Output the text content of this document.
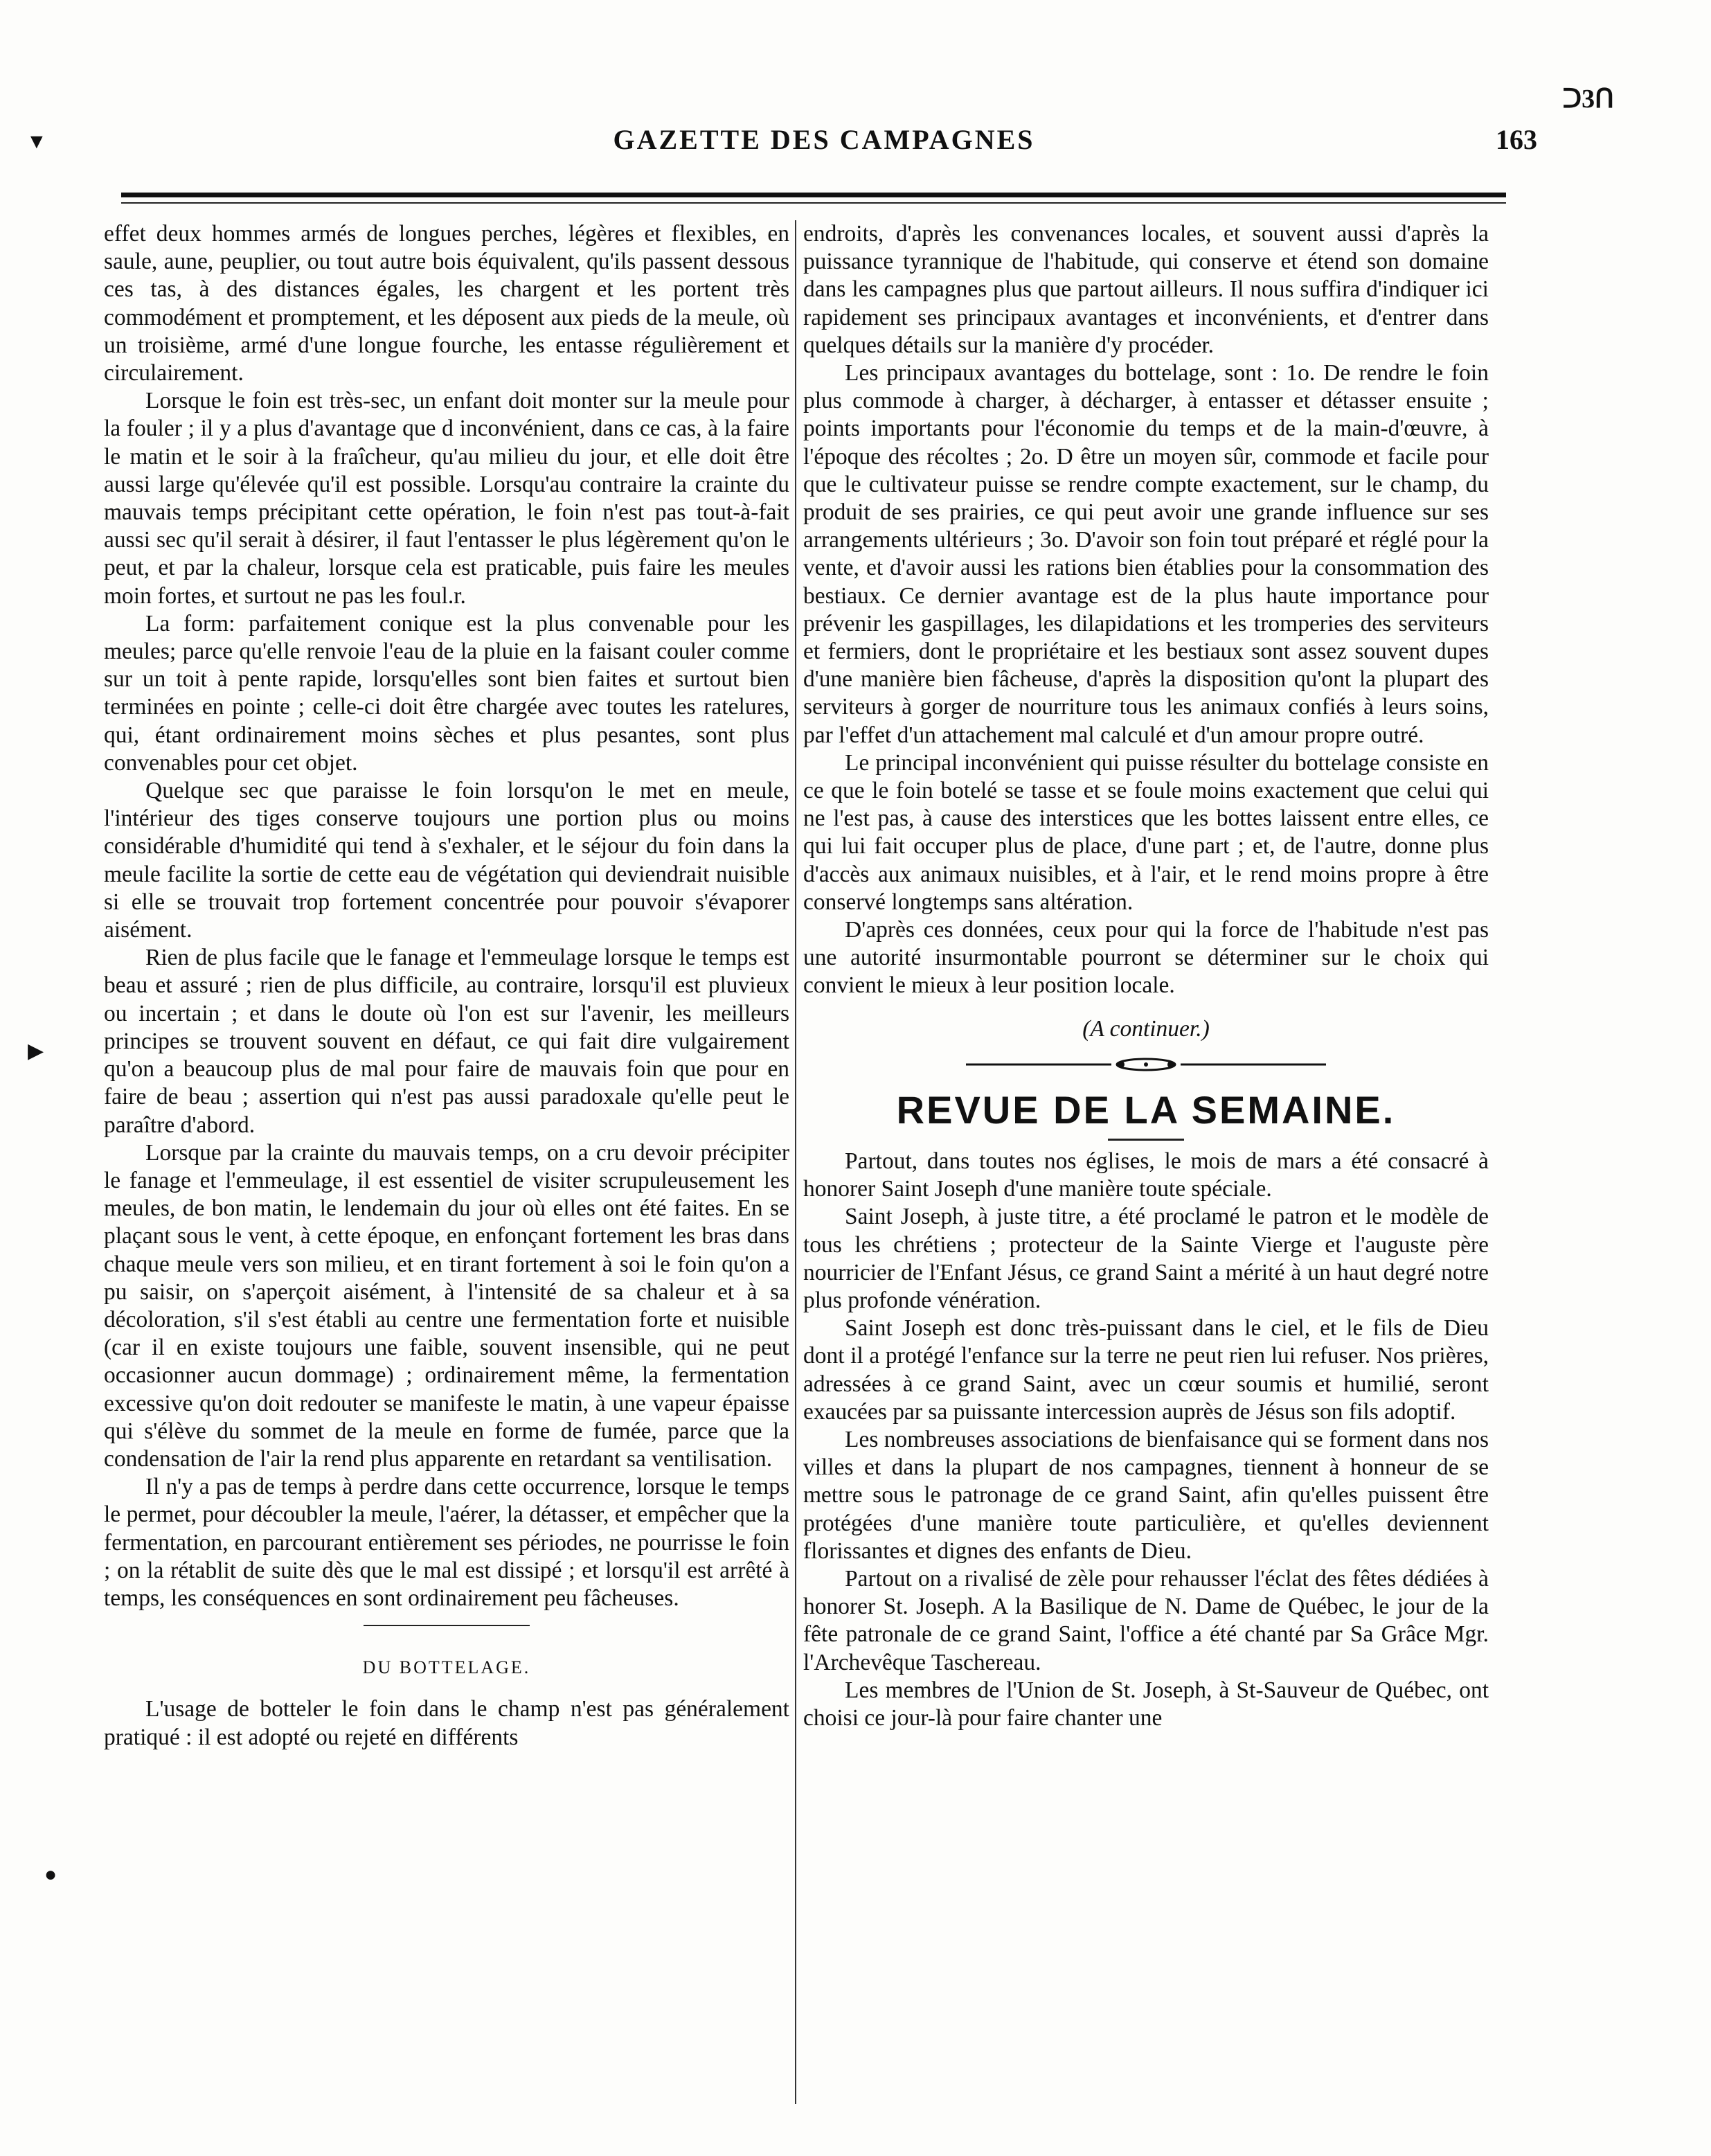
GAZETTE DES CAMPAGNES	163
ᑐ3ᑎ
▼
▶
●

effet deux hommes armés de longues perches, légères et flexibles, en saule, aune, peuplier, ou tout autre bois équivalent, qu'ils passent dessous ces tas, à des distances égales, les chargent et les portent très commodément et promptement, et les déposent aux pieds de la meule, où un troisième, armé d'une longue fourche, les entasse régulièrement et circulairement.

Lorsque le foin est très-sec, un enfant doit monter sur la meule pour la fouler ; il y a plus d'avantage que d inconvénient, dans ce cas, à la faire le matin et le soir à la fraîcheur, qu'au milieu du jour, et elle doit être aussi large qu'élevée qu'il est possible. Lorsqu'au contraire la crainte du mauvais temps précipitant cette opération, le foin n'est pas tout-à-fait aussi sec qu'il serait à désirer, il faut l'entasser le plus légèrement qu'on le peut, et par la chaleur, lorsque cela est praticable, puis faire les meules moin fortes, et surtout ne pas les foul.r.

La form: parfaitement conique est la plus convenable pour les meules; parce qu'elle renvoie l'eau de la pluie en la faisant couler comme sur un toit à pente rapide, lorsqu'elles sont bien faites et surtout bien terminées en pointe ; celle-ci doit être chargée avec toutes les ratelures, qui, étant ordinairement moins sèches et plus pesantes, sont plus convenables pour cet objet.

Quelque sec que paraisse le foin lorsqu'on le met en meule, l'intérieur des tiges conserve toujours une portion plus ou moins considérable d'humidité qui tend à s'exhaler, et le séjour du foin dans la meule facilite la sortie de cette eau de végétation qui deviendrait nuisible si elle se trouvait trop fortement concentrée pour pouvoir s'évaporer aisément.

Rien de plus facile que le fanage et l'emmeulage lorsque le temps est beau et assuré ; rien de plus difficile, au contraire, lorsqu'il est pluvieux ou incertain ; et dans le doute où l'on est sur l'avenir, les meilleurs principes se trouvent souvent en défaut, ce qui fait dire vulgairement qu'on a beaucoup plus de mal pour faire de mauvais foin que pour en faire de beau ; assertion qui n'est pas aussi paradoxale qu'elle peut le paraître d'abord.

Lorsque par la crainte du mauvais temps, on a cru devoir précipiter le fanage et l'emmeulage, il est essentiel de visiter scrupuleusement les meules, de bon matin, le lendemain du jour où elles ont été faites. En se plaçant sous le vent, à cette époque, en enfonçant fortement les bras dans chaque meule vers son milieu, et en tirant fortement à soi le foin qu'on a pu saisir, on s'aperçoit aisément, à l'intensité de sa chaleur et à sa décoloration, s'il s'est établi au centre une fermentation forte et nuisible (car il en existe toujours une faible, souvent insensible, qui ne peut occasionner aucun dommage) ; ordinairement même, la fermentation excessive qu'on doit redouter se manifeste le matin, à une vapeur épaisse qui s'élève du sommet de la meule en forme de fumée, parce que la condensation de l'air la rend plus apparente en retardant sa ventilisation.

Il n'y a pas de temps à perdre dans cette occurrence, lorsque le temps le permet, pour découbler la meule, l'aérer, la détasser, et empêcher que la fermentation, en parcourant entièrement ses périodes, ne pourrisse le foin ; on la rétablit de suite dès que le mal est dissipé ; et lorsqu'il est arrêté à temps, les conséquences en sont ordinairement peu fâcheuses.

DU BOTTELAGE.

L'usage de botteler le foin dans le champ n'est pas généralement pratiqué : il est adopté ou rejeté en différents

endroits, d'après les convenances locales, et souvent aussi d'après la puissance tyrannique de l'habitude, qui conserve et étend son domaine dans les campagnes plus que partout ailleurs. Il nous suffira d'indiquer ici rapidement ses principaux avantages et inconvénients, et d'entrer dans quelques détails sur la manière d'y procéder.

Les principaux avantages du bottelage, sont : 1o. De rendre le foin plus commode à charger, à décharger, à entasser et détasser ensuite ; points importants pour l'économie du temps et de la main-d'œuvre, à l'époque des récoltes ; 2o. D être un moyen sûr, commode et facile pour que le cultivateur puisse se rendre compte exactement, sur le champ, du produit de ses prairies, ce qui peut avoir une grande influence sur ses arrangements ultérieurs ; 3o. D'avoir son foin tout préparé et réglé pour la vente, et d'avoir aussi les rations bien établies pour la consommation des bestiaux. Ce dernier avantage est de la plus haute importance pour prévenir les gaspillages, les dilapidations et les tromperies des serviteurs et fermiers, dont le propriétaire et les bestiaux sont assez souvent dupes d'une manière bien fâcheuse, d'après la disposition qu'ont la plupart des serviteurs à gorger de nourriture tous les animaux confiés à leurs soins, par l'effet d'un attachement mal calculé et d'un amour propre outré.

Le principal inconvénient qui puisse résulter du bottelage consiste en ce que le foin botelé se tasse et se foule moins exactement que celui qui ne l'est pas, à cause des interstices que les bottes laissent entre elles, ce qui lui fait occuper plus de place, d'une part ; et, de l'autre, donne plus d'accès aux animaux nuisibles, et à l'air, et le rend moins propre à être conservé longtemps sans altération.

D'après ces données, ceux pour qui la force de l'habitude n'est pas une autorité insurmontable pourront se déterminer sur le choix qui convient le mieux à leur position locale.

(A continuer.)
REVUE DE LA SEMAINE.

Partout, dans toutes nos églises, le mois de mars a été consacré à honorer Saint Joseph d'une manière toute spéciale.

Saint Joseph, à juste titre, a été proclamé le patron et le modèle de tous les chrétiens ; protecteur de la Sainte Vierge et l'auguste père nourricier de l'Enfant Jésus, ce grand Saint a mérité à un haut degré notre plus profonde vénération.

Saint Joseph est donc très-puissant dans le ciel, et le fils de Dieu dont il a protégé l'enfance sur la terre ne peut rien lui refuser. Nos prières, adressées à ce grand Saint, avec un cœur soumis et humilié, seront exaucées par sa puissante intercession auprès de Jésus son fils adoptif.

Les nombreuses associations de bienfaisance qui se forment dans nos villes et dans la plupart de nos campagnes, tiennent à honneur de se mettre sous le patronage de ce grand Saint, afin qu'elles puissent être protégées d'une manière toute particulière, et qu'elles deviennent florissantes et dignes des enfants de Dieu.

Partout on a rivalisé de zèle pour rehausser l'éclat des fêtes dédiées à honorer St. Joseph. A la Basilique de N. Dame de Québec, le jour de la fête patronale de ce grand Saint, l'office a été chanté par Sa Grâce Mgr. l'Archevêque Taschereau.

Les membres de l'Union de St. Joseph, à St-Sauveur de Québec, ont choisi ce jour-là pour faire chanter une
